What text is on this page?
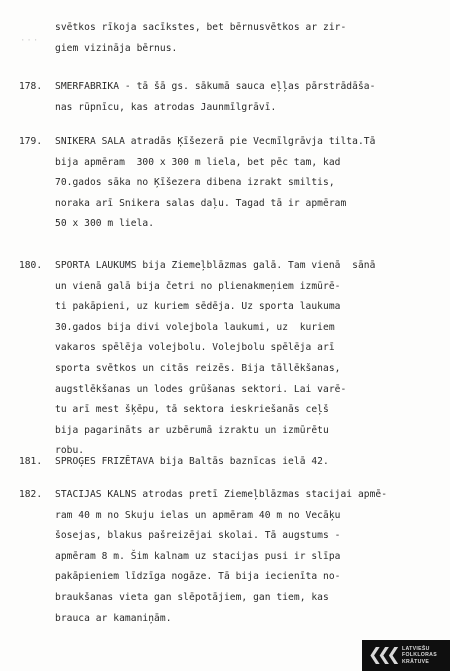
···
svētkos rīkoja sacīkstes, bet bērnusvētkos ar zir-
giem vizināja bērnus.
178. SMERFABRIKA - tā šā gs. sākumā sauca eļļas pārstrādāša-
nas rūpnīcu, kas atrodas Jaunmīlgrāvī.
179. SNIKERA SALA atradās Ķīšezerā pie Vecmīlgrāvja tilta.Tā
bija apmēram  300 x 300 m liela, bet pēc tam, kad
70.gados sāka no Ķīšezera dibena izrakt smiltis,
noraka arī Snikera salas daļu. Tagad tā ir apmēram
50 x 300 m liela.
180. SPORTA LAUKUMS bija Ziemeļblāzmas galā. Tam vienā  sānā
un vienā galā bija četri no plienakmeņiem izmūrē-
ti pakāpieni, uz kuriem sēdēja. Uz sporta laukuma
30.gados bija divi volejbola laukumi, uz  kuriem
vakaros spēlēja volejbolu. Volejbolu spēlēja arī
sporta svētkos un citās reizēs. Bija tāllēkšanas,
augstlēkšanas un lodes grūšanas sektori. Lai varē-
tu arī mest šķēpu, tā sektora ieskriešanās ceļš
bija pagarināts ar uzbērumā izraktu un izmūrētu
robu.
181. SPROĢES FRIZĒTAVA bija Baltās baznīcas ielā 42.
182. STACIJAS KALNS atrodas pretī Ziemeļblāzmas stacijai apmē-
ram 40 m no Skuju ielas un apmēram 40 m no Vecāķu
šosejas, blakus pašreizējai skolai. Tā augstums -
apmēram 8 m. Šim kalnam uz stacijas pusi ir slīpa
pakāpieniem līdzīga nogāze. Tā bija iecienīta no-
braukšanas vieta gan slēpotājiem, gan tiem, kas
brauca ar kamaniņām.
❮❮❮	LATVIEŠU
FOLKLORAS
KRĀTUVE
